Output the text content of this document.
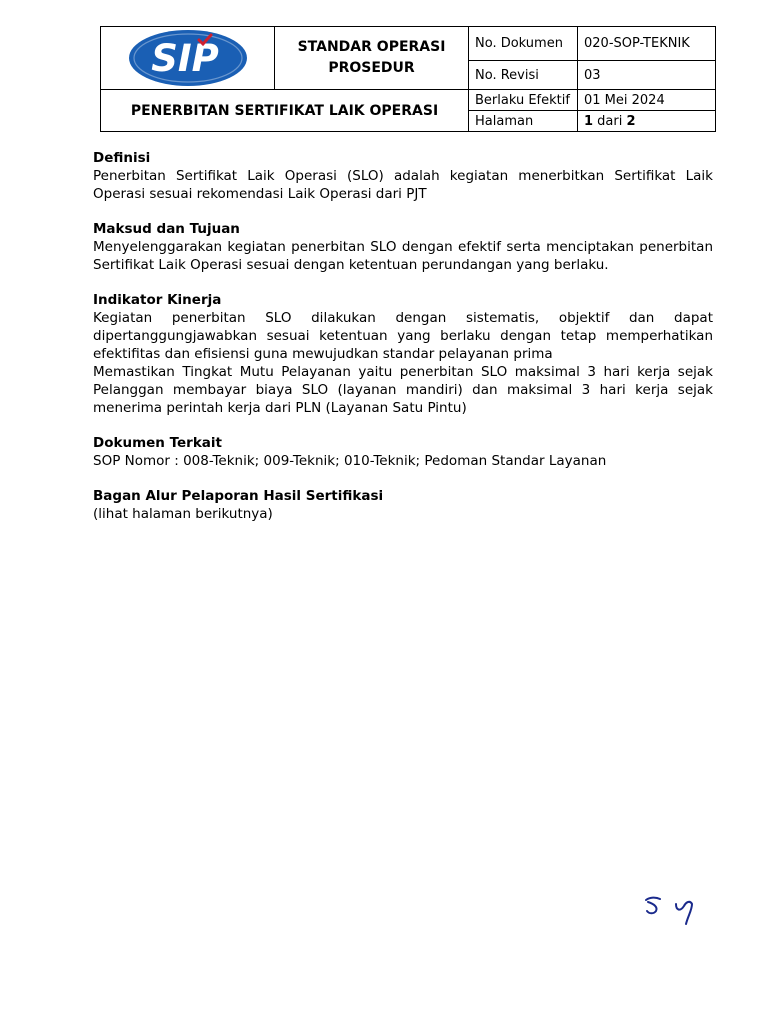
SIP	STANDAR OPERASI PROSEDUR	No. Dokumen	020-SOP-TEKNIK
		No. Revisi	03
PENERBITAN SERTIFIKAT LAIK OPERASI		Berlaku Efektif	01 Mei 2024
		Halaman	1 dari 2
Definisi

Penerbitan Sertifikat Laik Operasi (SLO) adalah kegiatan menerbitkan Sertifikat Laik Operasi sesuai rekomendasi Laik Operasi dari PJT

Maksud dan Tujuan

Menyelenggarakan kegiatan penerbitan SLO dengan efektif serta menciptakan penerbitan Sertifikat Laik Operasi sesuai dengan ketentuan perundangan yang berlaku.

Indikator Kinerja

Kegiatan penerbitan SLO dilakukan dengan sistematis, objektif dan dapat dipertanggungjawabkan sesuai ketentuan yang berlaku dengan tetap memperhatikan efektifitas dan efisiensi guna mewujudkan standar pelayanan prima

Memastikan Tingkat Mutu Pelayanan yaitu penerbitan SLO maksimal 3 hari kerja sejak Pelanggan membayar biaya SLO (layanan mandiri) dan maksimal 3 hari kerja sejak menerima perintah kerja dari PLN (Layanan Satu Pintu)

Dokumen Terkait

SOP Nomor : 008-Teknik; 009-Teknik; 010-Teknik; Pedoman Standar Layanan

Bagan Alur Pelaporan Hasil Sertifikasi

(lihat halaman berikutnya)
